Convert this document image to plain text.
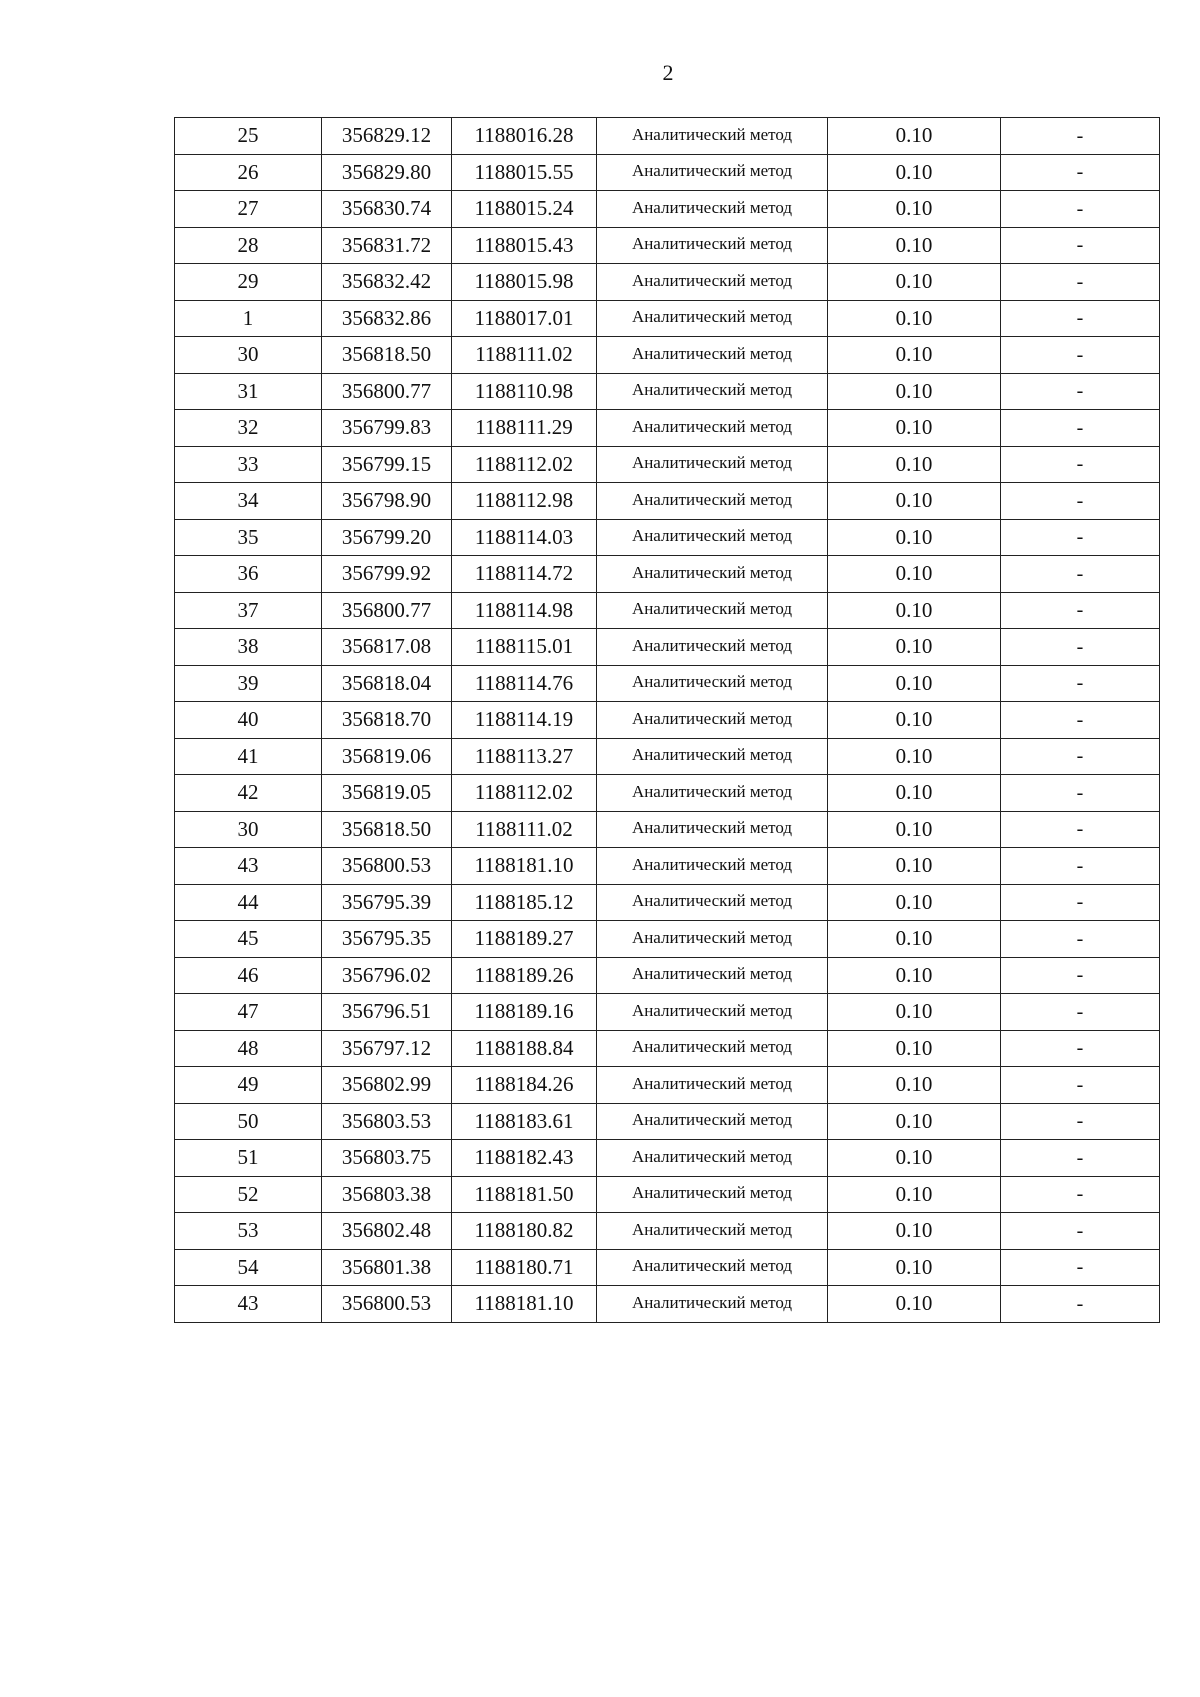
2
25	356829.12	1188016.28	Аналитический метод	0.10	-
26	356829.80	1188015.55	Аналитический метод	0.10	-
27	356830.74	1188015.24	Аналитический метод	0.10	-
28	356831.72	1188015.43	Аналитический метод	0.10	-
29	356832.42	1188015.98	Аналитический метод	0.10	-
1	356832.86	1188017.01	Аналитический метод	0.10	-
30	356818.50	1188111.02	Аналитический метод	0.10	-
31	356800.77	1188110.98	Аналитический метод	0.10	-
32	356799.83	1188111.29	Аналитический метод	0.10	-
33	356799.15	1188112.02	Аналитический метод	0.10	-
34	356798.90	1188112.98	Аналитический метод	0.10	-
35	356799.20	1188114.03	Аналитический метод	0.10	-
36	356799.92	1188114.72	Аналитический метод	0.10	-
37	356800.77	1188114.98	Аналитический метод	0.10	-
38	356817.08	1188115.01	Аналитический метод	0.10	-
39	356818.04	1188114.76	Аналитический метод	0.10	-
40	356818.70	1188114.19	Аналитический метод	0.10	-
41	356819.06	1188113.27	Аналитический метод	0.10	-
42	356819.05	1188112.02	Аналитический метод	0.10	-
30	356818.50	1188111.02	Аналитический метод	0.10	-
43	356800.53	1188181.10	Аналитический метод	0.10	-
44	356795.39	1188185.12	Аналитический метод	0.10	-
45	356795.35	1188189.27	Аналитический метод	0.10	-
46	356796.02	1188189.26	Аналитический метод	0.10	-
47	356796.51	1188189.16	Аналитический метод	0.10	-
48	356797.12	1188188.84	Аналитический метод	0.10	-
49	356802.99	1188184.26	Аналитический метод	0.10	-
50	356803.53	1188183.61	Аналитический метод	0.10	-
51	356803.75	1188182.43	Аналитический метод	0.10	-
52	356803.38	1188181.50	Аналитический метод	0.10	-
53	356802.48	1188180.82	Аналитический метод	0.10	-
54	356801.38	1188180.71	Аналитический метод	0.10	-
43	356800.53	1188181.10	Аналитический метод	0.10	-
